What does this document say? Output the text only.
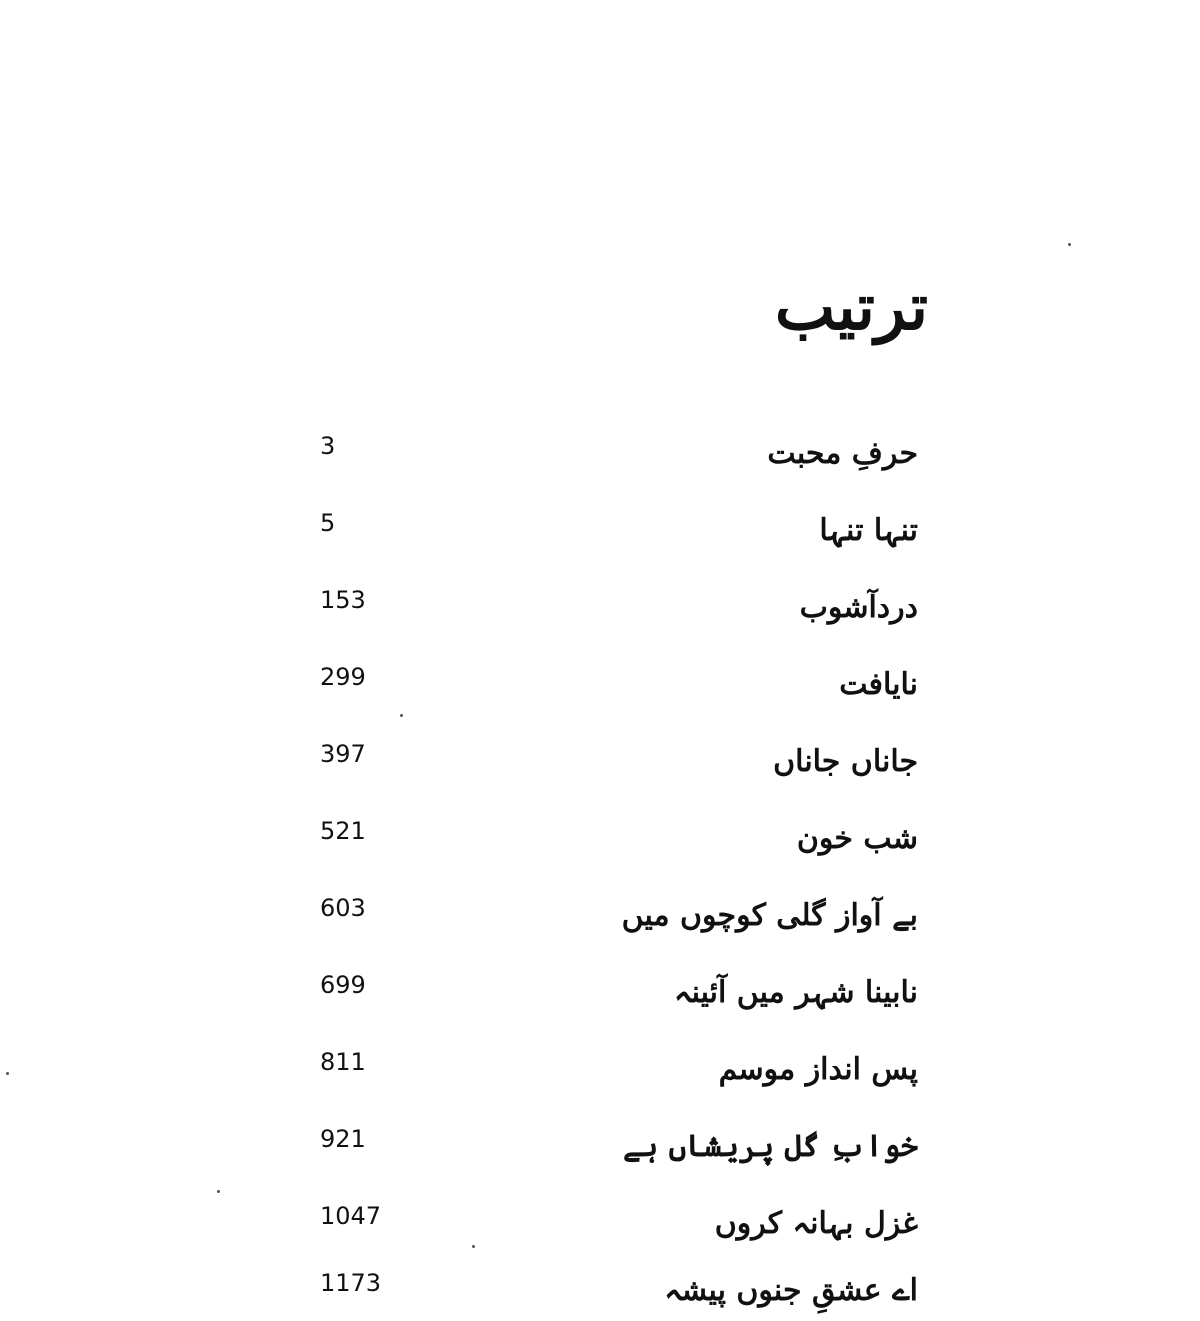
ترتیب
حرفِ محبت
3
تنہا تنہا
5
دردآشوب
153
نایافت
299
جاناں جاناں
397
شب خون
521
بے آواز گلی کوچوں میں
603
نابینا شہر میں آئینہ
699
پس انداز موسم
811
خوابِ گل پریشاں ہے
921
غزل بہانہ کروں
1047
اے عشقِ جنوں پیشہ
1173
